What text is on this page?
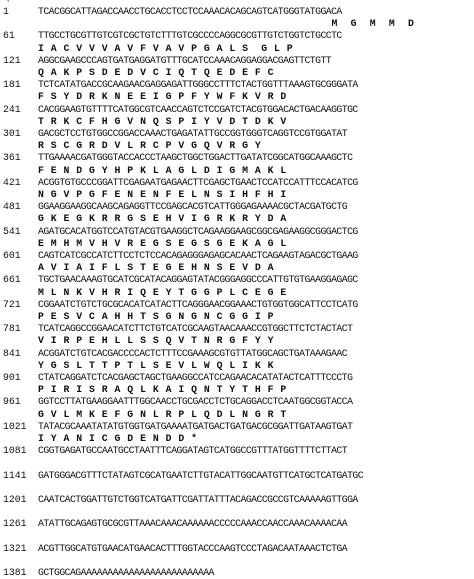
'
1	TCACGGCATTAGACCAACCTGCACCTCCTCCAAACACAGCAGTCATGGGTATGGACA
M  G  M  M  D
61	TTGCCTGCGTTGTCGTCGCTGTCTTTGTCGCCCCAGGCGCGTTGTCTGGTCTGCCTC
I A C V V V A V F V A V P G A L S  G L P
121	AGGCGAAGCCCAGTGATGAGGATGTTTGCATCCAAACAGGAGGACGAGTTCTGTT
Q A K P S D E D V C I Q T Q E D E F C
181	TCTCATATGACCGCAAGAACGAGGAGATTGGGCCTTTCTACTGGTTTAAAGTGCGGGATA
F S Y D R K N E E I G P F Y W F K V R D
241	CACGGAAGTGTTTTCATGGCGTCAACCAGTCTCCGATCTACGTGGACACTGACAAGGTGC
T R K C F H G V N Q S P I Y V D T D K V
301	GACGCTCCTGTGGCCGGACCAAACTGAGATATTGCCGGTGGGTCAGGTCCGTGGATAT
R S C G R D V L R C P V G Q V R G Y
361	TTGAAAACGATGGGTACCACCCTAAGCTGGCTGGACTTGATATCGGCATGGCAAAGCTC
F E N D G Y H P K L A G L D I G M A K L
421	ACGGTGTGCCCGGATTCGAGAATGAGAACTTCGAGCTGAACTCCATCCATTTCCACATCG
N G V P G F E N E N F E L N S I H F H I
481	GGAAGGAAGGCAAGCAGAGGTTCCGAGCACGTCATTGGGAGAAAACGCTACGATGCTG
G K E G K R R G S E H V I G R K R Y D A
541	AGATGCACATGGTCCATGTACGTGAAGGCTCAGAAGGAAGCGGCGAGAAGGCGGGACTCG
E M H M V H V R E G S E G S G E K A G L
601	CAGTCATCGCCATCTTCCTCTCCACAGAGGGAGAGCACAACTCAGAAGTAGACGCTGAAG
A V I A I F L S T E G E H N S E V D A
661	TGCTGAACAAAGTGCATCGCATACAGGAGTATACGGGAGGCCCATTGTGTGAAGGAGAGC
M L N K V H R I Q E Y T G G P L C E G E
721	CGGAATCTGTCTGCGCACATCATACTTCAGGGAACGGAAACTGTGGTGGCATTCCTCATG
P E S V C A H H T S G N G N C G G I P
781	TCATCAGGCCGGAACATCTTCTGTCATCGCAAGTAACAAACCGTGGCTTCTCTACTACT
V I R P E H L L S S Q V T N R G F Y Y
841	ACGGATCTGTCACGACCCCACTCTTTCCGAAAGCGTGTTATGGCAGCTGATAAAGAAC
Y G S L T T P T L S E V L W Q L I K K
901	CTATCAGGATCTCACGAGCTAGCTGAAGGCCATCCAGAACACATATACTCATTTCCCTG
P I R I S R A Q L K A I Q N T Y T H F P
961	GGTCCTTATGAAGGAATTTGGCAACCTGCGACCTCTGCAGGACCTCAATGGCGGTACCA
G V L M K E F G N L R P L Q D L N G R T
1021	TATACGCAAATATATGTGGTGATGAAAATGATGACTGATGACGCGGATTGATAAGTGAT
I Y A N I C G D E N D D *
1081	CGGTGAGATGCCAATGCCTAATTTCAGGATAGTCATGGCCGTTTATGGTTTTCTTACT
1141	GATGGGACGTTTCTATAGTCGCATGAATCTTGTACATTGGCAATGTTCATGCTCATGATGC
1201	CAATCACTGGATTGTCTGGTCATGATTCGATTATTTACAGACCGCCGTCAAAAAGTTGGA
1261	ATATTGCAGAGTGCGCGTTAAACAAACAAAAAACCCCCAAACCAACCAAACAAAACAA
1321	ACGTTGGCATGTGAACATGAACACTTTGGTACCCAAGTCCCTAGACAATAAACTCTGA
1381	GCTGGCAGAAAAAAAAAAAAAAAAAAAAAAAAA
